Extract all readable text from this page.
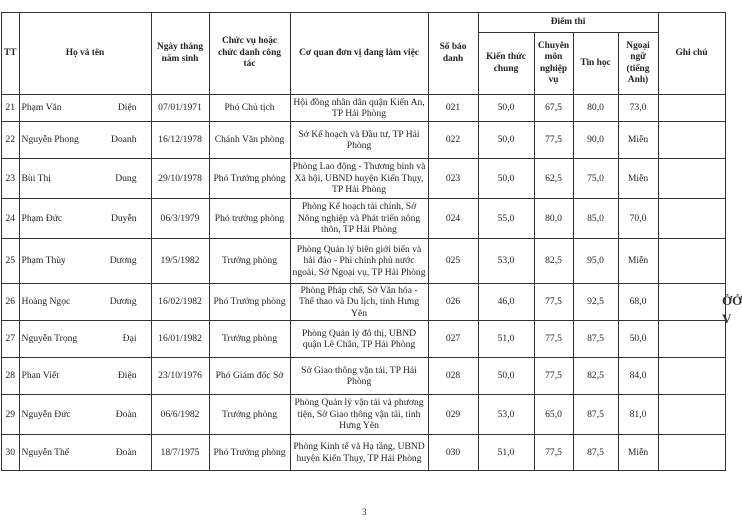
TT	Họ và tên	Ngày tháng năm sinh	Chức vụ hoặc chức danh công tác	Cơ quan đơn vị đang làm việc	Số báo danh	Điểm thi				Ghi chú
						Kiến thức chung	Chuyên môn nghiệp vụ	Tin học	Ngoại ngữ (tiếng Anh)	
21	Phạm Văn Diện	07/01/1971	Phó Chủ tịch	Hội đồng nhân dân quận Kiến An, TP Hải Phòng	021	50,0	67,5	80,0	73,0	
22	Nguyễn Phong Doanh	16/12/1978	Chánh Văn phòng	Sở Kế hoạch và Đầu tư, TP Hải Phòng	022	50,0	77,5	90,0	Miễn	
23	Bùi Thị Dung	29/10/1978	Phó Trưởng phòng	Phòng Lao động - Thương binh và Xã hội, UBND huyện Kiến Thụy, TP Hải Phòng	023	50,0	62,5	75,0	Miễn	
24	Phạm Đức Duyễn	06/3/1979	Phó trưởng phòng	Phòng Kế hoạch tài chính, Sở Nông nghiệp và Phát triển nông thôn, TP Hải Phòng	024	55,0	80,0	85,0	70,0	
25	Phạm Thùy Dương	19/5/1982	Trưởng phòng	Phòng Quản lý biên giới biển và hải đảo - Phi chính phủ nước ngoài, Sở Ngoại vụ, TP Hải Phòng	025	53,0	82,5	95,0	Miễn	
26	Hoàng Ngọc Dương	16/02/1982	Phó Trưởng phòng	Phòng Pháp chế, Sở Văn hóa - Thể thao và Du lịch, tỉnh Hưng Yên	026	46,0	77,5	92,5	68,0	
27	Nguyễn Trọng Đại	16/01/1982	Trưởng phòng	Phòng Quản lý đô thị, UBND quận Lê Chân, TP Hải Phòng	027	51,0	77,5	87,5	50,0	
28	Phan Viết Điện	23/10/1976	Phó Giám đốc Sở	Sở Giao thông vận tải, TP Hải Phòng	028	50,0	77,5	82,5	84,0	
29	Nguyễn Đức Đoàn	06/6/1982	Trưởng phòng	Phòng Quản lý vận tải và phương tiện, Sở Giao thông vận tải, tỉnh Hưng Yên	029	53,0	65,0	87,5	81,0	
30	Nguyễn Thế Đoàn	18/7/1975	Phó Trưởng phòng	Phòng Kinh tế và Hạ tầng, UBND huyện Kiến Thụy, TP Hải Phòng	030	51,0	77,5	87,5	Miễn	
3
ỞỞ
V
